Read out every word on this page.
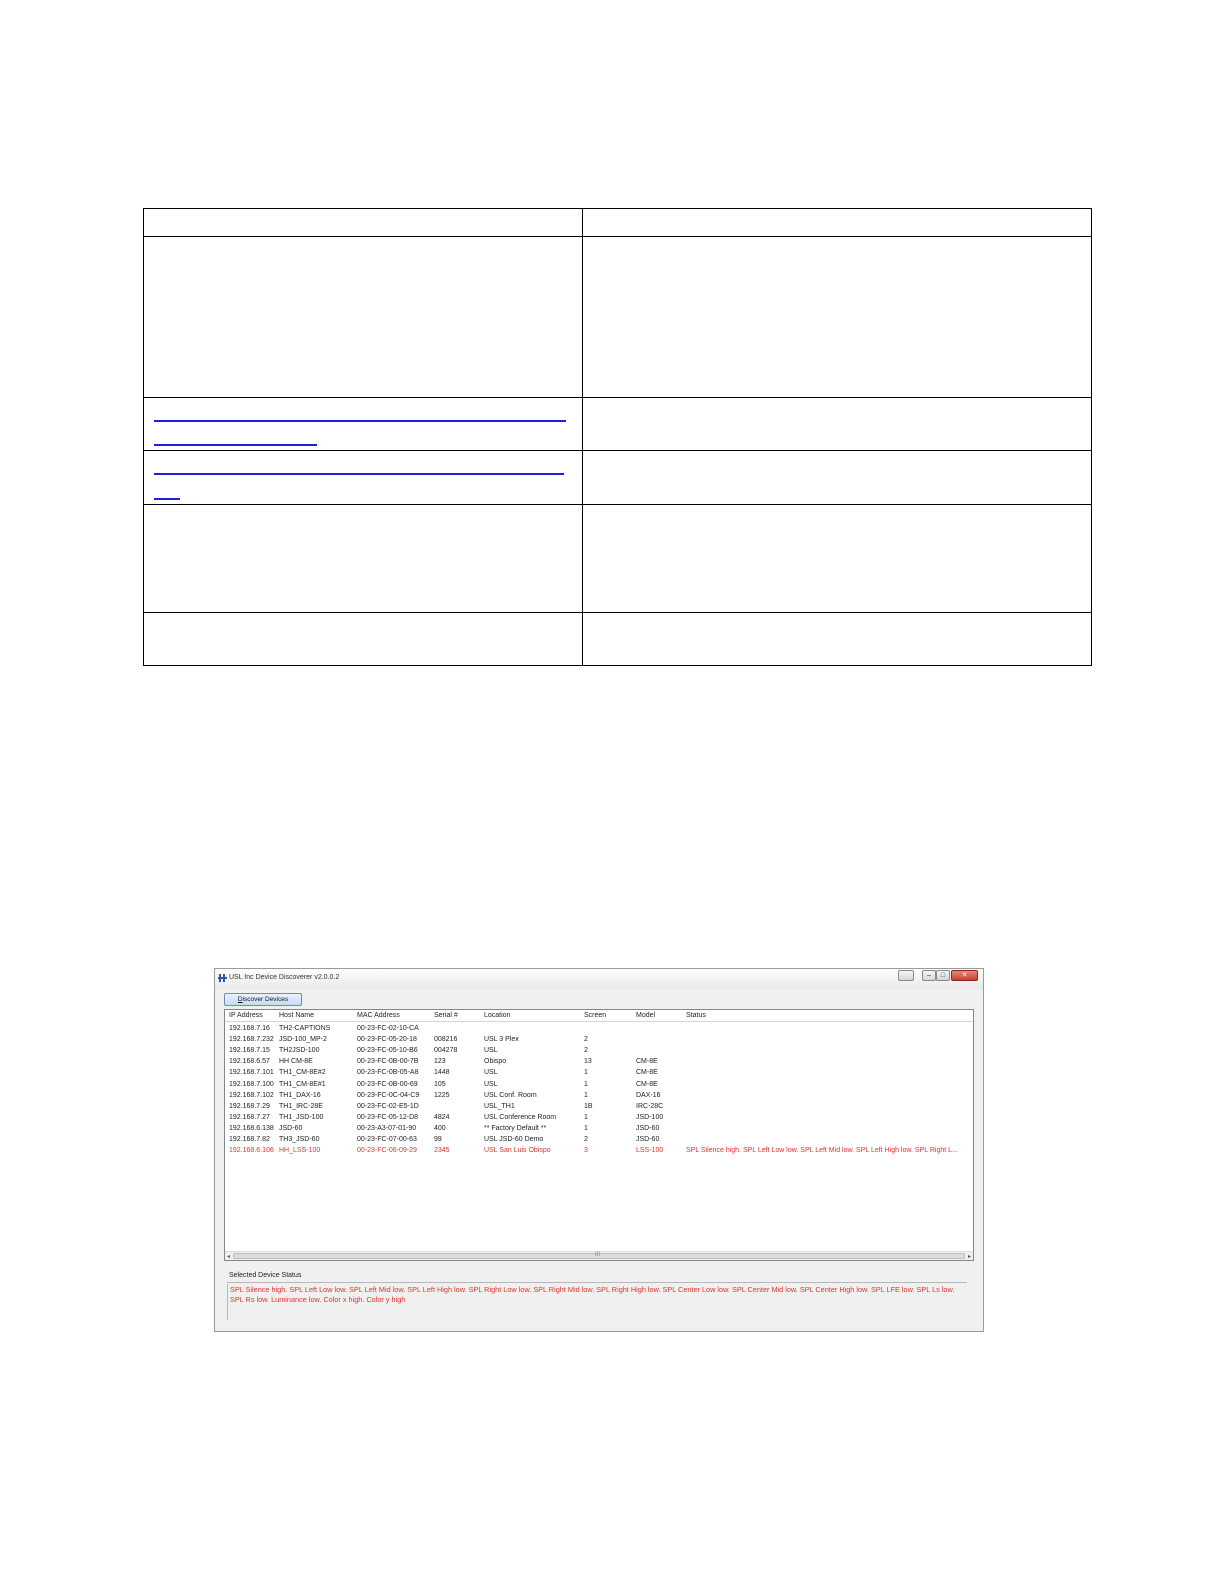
USL Inc Device Discoverer v2.0.0.2	–	□	✕
Discover Devices
IP Address Host Name	MAC Address	Serial #	Location	Screen	Model	Status
192.168.7.16 TH2-CAPTIONS	00-23-FC-02-10-CA
192.168.7.232 JSD-100_MP-2	00-23-FC-05-20-18 008216	USL 3 Plex	2
192.168.7.15 TH2JSD-100	00-23-FC-05-10-B6 004278	USL	2
192.168.6.57 HH CM-8E	00-23-FC-0B-00-7B 123	Obispo	13	CM-8E
192.168.7.101 TH1_CM-8E#2	00-23-FC-0B-05-A8 1448	USL	1	CM-8E
192.168.7.100 TH1_CM-8E#1	00-23-FC-0B-00-69 105	USL	1	CM-8E
192.168.7.102 TH1_DAX-16	00-23-FC-0C-04-C9 1225	USL Conf. Room	1	DAX-16
192.168.7.29 TH1_IRC-28E	00-23-FC-02-E5-1D	USL_TH1	1B	IRC-28C
192.168.7.27 TH1_JSD-100	00-23-FC-05-12-D8 4824	USL Conference Room	1	JSD-100
192.168.6.138 JSD-60	00-23-A3-07-01-90	400	** Factory Default **	1	JSD-60
192.168.7.82 TH3_JSD-60	00-23-FC-07-00-63 99	USL JSD-60 Demo	2	JSD-60
192.168.6.106 HH_LSS-100	00-23-FC-06-09-29 2345	USL San Luis Obispo	3	LSS-100	SPL Silence high. SPL Left Low low. SPL Left Mid low. SPL Left High low. SPL Right L...
◂	III	▸
Selected Device Status
SPL Silence high. SPL Left Low low. SPL Left Mid low. SPL Left High low. SPL Right Low low. SPL Right Mid low. SPL Right High low. SPL Center Low low. SPL Center Mid low. SPL Center High low. SPL LFE low. SPL Ls low. SPL Rs low. Luminance low. Color x high. Color y high
